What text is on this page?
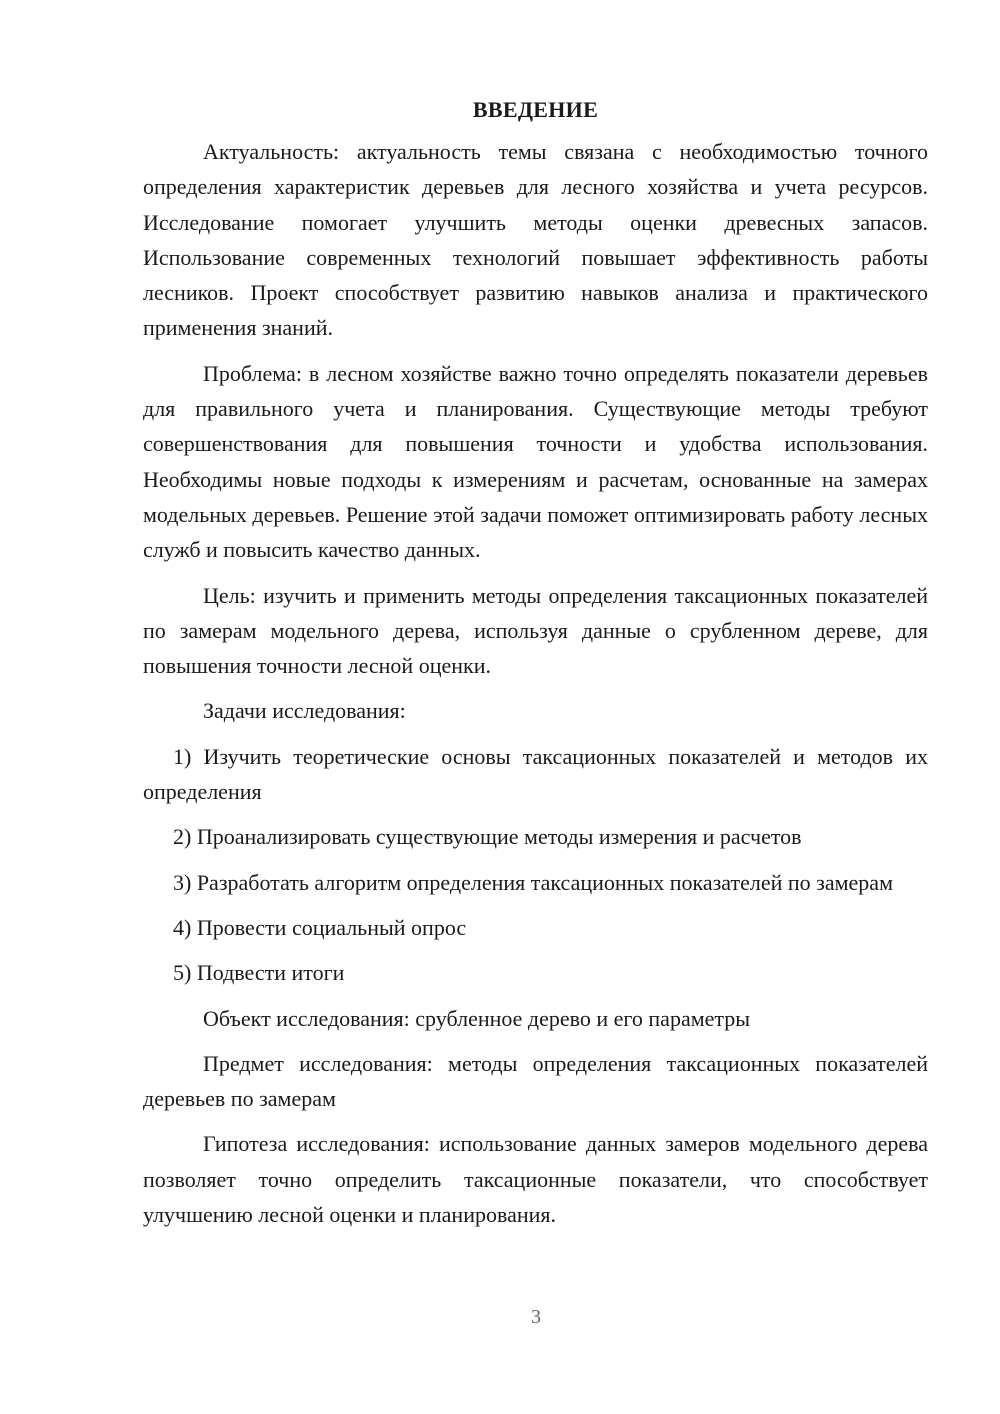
ВВЕДЕНИЕ

Актуальность: актуальность темы связана с необходимостью точного определения характеристик деревьев для лесного хозяйства и учета ресурсов. Исследование помогает улучшить методы оценки древесных запасов. Использование современных технологий повышает эффективность работы лесников. Проект способствует развитию навыков анализа и практического применения знаний.

Проблема: в лесном хозяйстве важно точно определять показатели деревьев для правильного учета и планирования. Существующие методы требуют совершенствования для повышения точности и удобства использования. Необходимы новые подходы к измерениям и расчетам, основанные на замерах модельных деревьев. Решение этой задачи поможет оптимизировать работу лесных служб и повысить качество данных.

Цель: изучить и применить методы определения таксационных показателей по замерам модельного дерева, используя данные о срубленном дереве, для повышения точности лесной оценки.

Задачи исследования:

1) Изучить теоретические основы таксационных показателей и методов их определения

2) Проанализировать существующие методы измерения и расчетов

3) Разработать алгоритм определения таксационных показателей по замерам

4) Провести социальный опрос

5) Подвести итоги

Объект исследования: срубленное дерево и его параметры

Предмет исследования: методы определения таксационных показателей деревьев по замерам

Гипотеза исследования: использование данных замеров модельного дерева позволяет точно определить таксационные показатели, что способствует улучшению лесной оценки и планирования.

3
